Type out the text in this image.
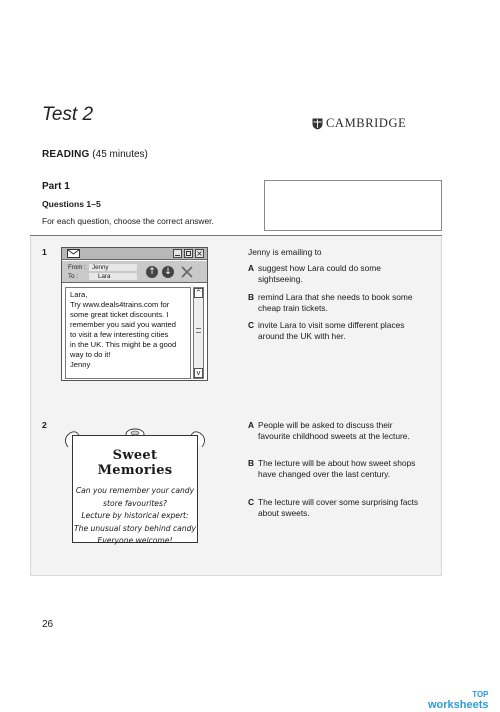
Test 2	CAMBRIDGE
READING (45 minutes)
Part 1
Questions 1–5
For each question, choose the correct answer.
1	×
From : Jenny
To :	Lara	↑ ↓
Lara,
Try www.deals4trains.com for
some great ticket discounts. I
remember you said you wanted
to visit a few interesting cities
in the UK. This might be a good
way to do it!
Jenny
^
v
Jenny is emailing to
A suggest how Lara could do some sightseeing.
B remind Lara that she needs to book some cheap train tickets.
C invite Lara to visit some different places around the UK with her.
2
Sweet Memories
Can you remember your candy
store favourites?
Lecture by historical expert:
The unusual story behind candy
Everyone welcome!
A People will be asked to discuss their favourite childhood sweets at the lecture.
B The lecture will be about how sweet shops have changed over the last century.
C The lecture will cover some surprising facts about sweets.
26
TOP
worksheets
